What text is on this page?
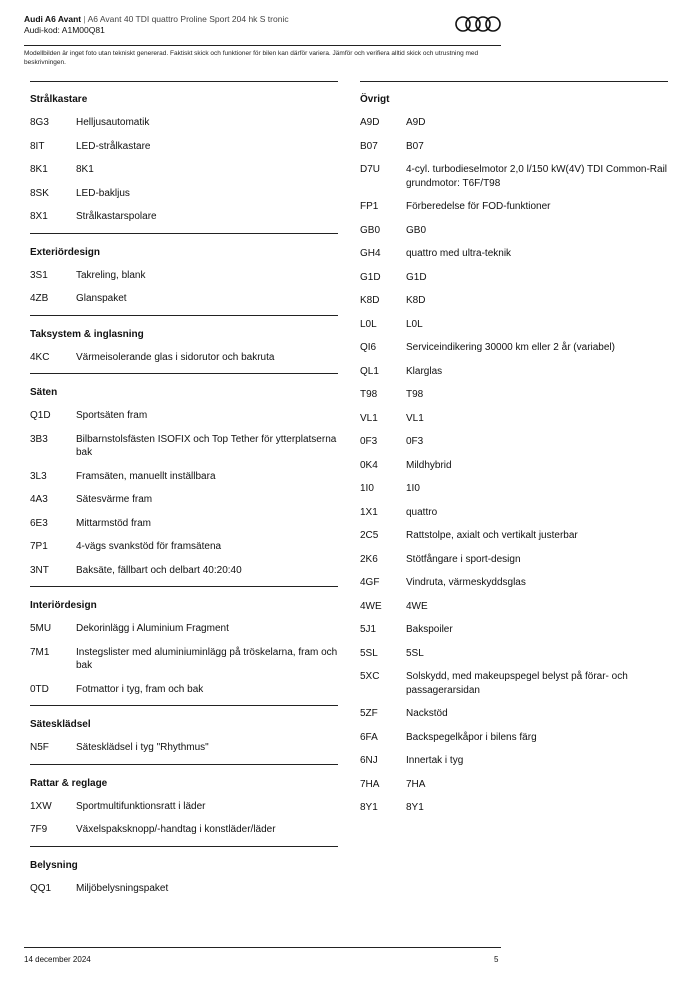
Audi A6 Avant | A6 Avant 40 TDI quattro Proline Sport 204 hk S tronic
Audi-kod: A1M00Q81
Modellbilden är inget foto utan tekniskt genererad. Faktiskt skick och funktioner för bilen kan därför variera. Jämför och verifiera alltid skick och utrustning med beskrivningen.
Strålkastare
8G3	Helljusautomatik
8IT	LED-strålkastare
8K1	8K1
8SK	LED-bakljus
8X1	Strålkastarspolare
Exteriördesign
3S1	Takreling, blank
4ZB	Glanspaket
Taksystem & inglasning
4KC	Värmeisolerande glas i sidorutor och bakruta
Säten
Q1D	Sportsäten fram
3B3	Bilbarnstolsfästen ISOFIX och Top Tether för ytterplatserna bak
3L3	Framsäten, manuellt inställbara
4A3	Sätesvärme fram
6E3	Mittarmstöd fram
7P1	4-vägs svankstöd för framsätena
3NT	Baksäte, fällbart och delbart 40:20:40
Interiördesign
5MU	Dekorinlägg i Aluminium Fragment
7M1	Instegslister med aluminiuminlägg på tröskelarna, fram och bak
0TD	Fotmattor i tyg, fram och bak
Sätesklädsel
N5F	Sätesklädsel i tyg "Rhythmus"
Rattar & reglage
1XW	Sportmultifunktionsratt i läder
7F9	Växelspaksknopp/-handtag i konstläder/läder
Belysning
QQ1	Miljöbelysningspaket
Övrigt
A9D	A9D
B07	B07
D7U	4-cyl. turbodieselmotor 2,0 l/150 kW(4V) TDI Common-Rail grundmotor: T6F/T98
FP1	Förberedelse för FOD-funktioner
GB0	GB0
GH4	quattro med ultra-teknik
G1D	G1D
K8D	K8D
L0L	L0L
QI6	Serviceindikering 30000 km eller 2 år (variabel)
QL1	Klarglas
T98	T98
VL1	VL1
0F3	0F3
0K4	Mildhybrid
1I0	1I0
1X1	quattro
2C5	Rattstolpe, axialt och vertikalt justerbar
2K6	Stötfångare i sport-design
4GF	Vindruta, värmeskyddsglas
4WE	4WE
5J1	Bakspoiler
5SL	5SL
5XC	Solskydd, med makeupspegel belyst på förar- och passagerarsidan
5ZF	Nackstöd
6FA	Backspegelkåpor i bilens färg
6NJ	Innertak i tyg
7HA	7HA
8Y1	8Y1
14 december 2024	5
